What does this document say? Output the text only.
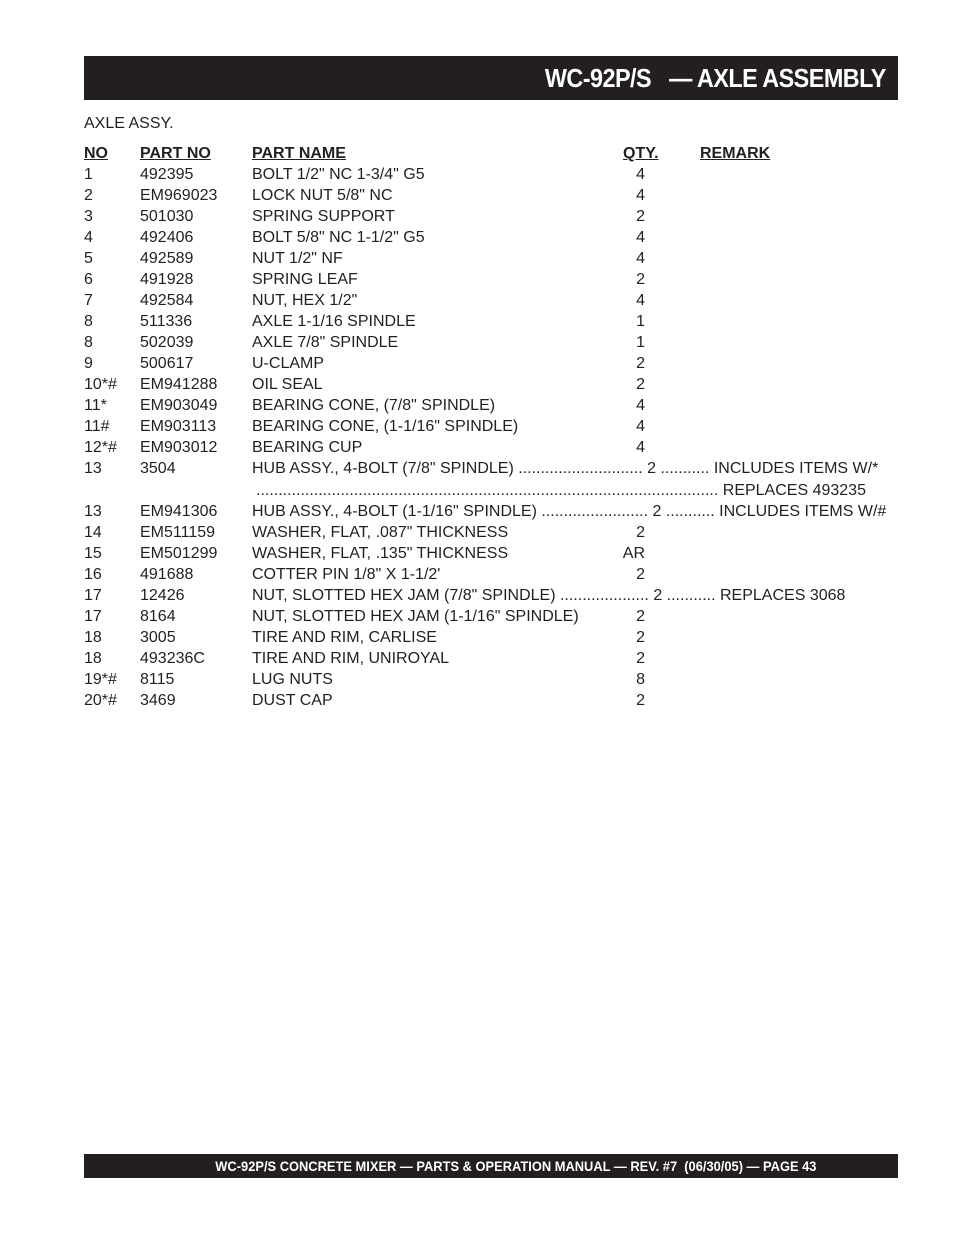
WC-92P/S   — AXLE ASSEMBLY
AXLE ASSY.
NO PART NO	PART NAME	QTY.	REMARK
1	492395	BOLT 1/2" NC 1-3/4" G5	4
2	EM969023 LOCK NUT 5/8" NC	4
3	501030	SPRING SUPPORT	2
4	492406	BOLT 5/8" NC 1-1/2" G5	4
5	492589	NUT 1/2" NF	4
6	491928	SPRING LEAF	2
7	492584	NUT, HEX 1/2"	4
8	511336	AXLE 1-1/16 SPINDLE	1
8	502039	AXLE 7/8" SPINDLE	1
9	500617	U-CLAMP	2
10*# EM941288 OIL SEAL	2
11* EM903049 BEARING CONE, (7/8" SPINDLE)	4
11# EM903113 BEARING CONE, (1-1/16" SPINDLE)	4
12*# EM903012 BEARING CUP	4
13 3504	HUB ASSY., 4-BOLT (7/8" SPINDLE) ............................ 2 ........... INCLUDES ITEMS W/*
........................................................................................................ REPLACES 493235
13 EM941306 HUB ASSY., 4-BOLT (1-1/16" SPINDLE) ........................ 2 ........... INCLUDES ITEMS W/#
14 EM511159 WASHER, FLAT, .087" THICKNESS	2
15 EM501299 WASHER, FLAT, .135" THICKNESS	AR
16 491688	COTTER PIN 1/8" X 1-1/2'	2
17 12426	NUT, SLOTTED HEX JAM (7/8" SPINDLE) .................... 2 ........... REPLACES 3068
17 8164	NUT, SLOTTED HEX JAM (1-1/16" SPINDLE)	2
18 3005	TIRE AND RIM, CARLISE	2
18 493236C	TIRE AND RIM, UNIROYAL	2
19*# 8115	LUG NUTS	8
20*# 3469	DUST CAP	2
WC-92P/S CONCRETE MIXER — PARTS & OPERATION MANUAL — REV. #7  (06/30/05) — PAGE 43
